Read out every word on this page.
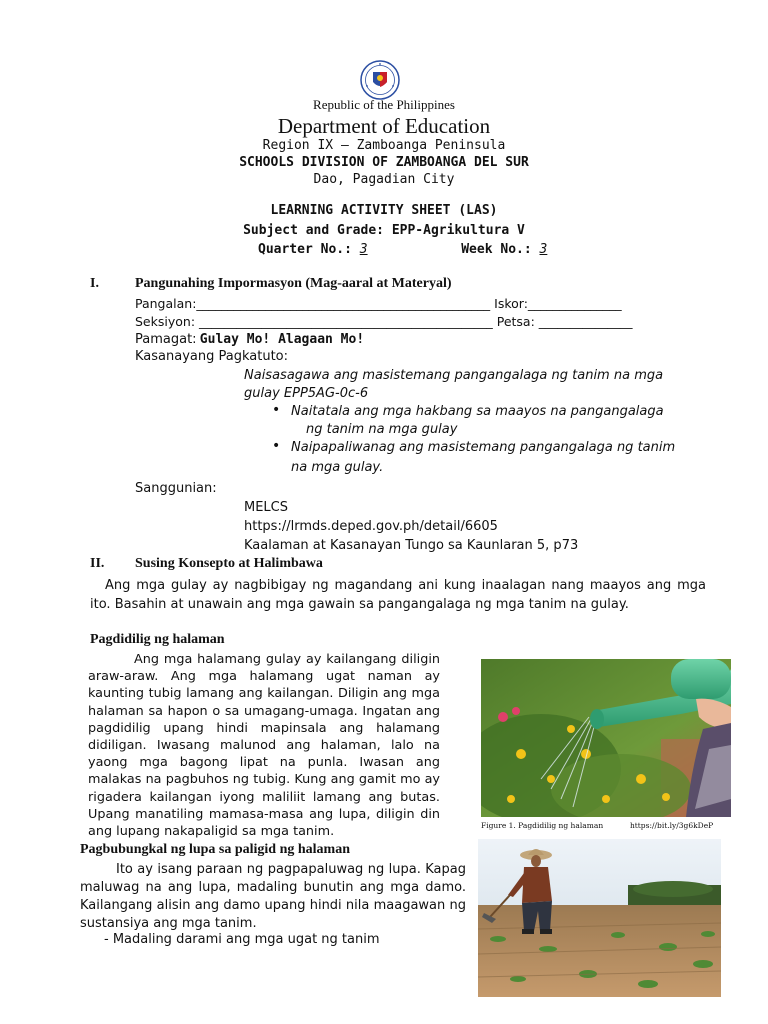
Republic of the Philippines
Department of Education
Region IX – Zamboanga Peninsula
SCHOOLS DIVISION OF ZAMBOANGA DEL SUR
Dao, Pagadian City
LEARNING ACTIVITY SHEET (LAS)
Subject and Grade: EPP-Agrikultura V
Quarter No.: 3	Week No.: 3
I.	Pangunahing Impormasyon (Mag-aaral at Materyal)
Pangalan:_______________________________________________ Iskor:_______________
Seksiyon: _______________________________________________ Petsa: _______________
Pamagat: Gulay Mo! Alagaan Mo!
Kasanayang Pagkatuto:
Naisasagawa ang masistemang pangangalaga ng tanim na mga
gulay EPP5AG-0c-6
• Naitatala ang mga hakbang sa maayos na pangangalaga
ng tanim na mga gulay
• Naipapaliwanag ang masistemang pangangalaga ng tanim
na mga gulay.
Sanggunian:
MELCS
https://lrmds.deped.gov.ph/detail/6605
Kaalaman at Kasanayan Tungo sa Kaunlaran 5, p73
II. Susing Konsepto at Halimbawa
Ang mga gulay ay nagbibigay ng magandang ani kung inaalagan nang maayos ang mga ito. Basahin at unawain ang mga gawain sa pangangalaga ng mga tanim na gulay.
Pagdidilig ng halaman
Ang mga halamang gulay ay kailangang diligin araw-araw. Ang mga halamang ugat naman ay kaunting tubig lamang ang kailangan. Diligin ang mga halaman sa hapon o sa umagang-umaga. Ingatan ang pagdidilig upang hindi mapinsala ang halamang didiligan. Iwasang malunod ang halaman, lalo na yaong mga bagong lipat na punla. Iwasan ang malakas na pagbuhos ng tubig. Kung ang gamit mo ay rigadera kailangan iyong maliliit lamang ang butas. Upang manatiling mamasa-masa ang lupa, diligin din ang lupang nakapaligid sa mga tanim.	Figure 1. Pagdidilig ng halaman	https://bit.ly/3g6kDeP
Pagbubungkal ng lupa sa paligid ng halaman
Ito ay isang paraan ng pagpapaluwag ng lupa. Kapag maluwag na ang lupa, madaling bunutin ang mga damo. Kailangang alisin ang damo upang hindi nila maagawan ng sustansiya ang mga tanim.
- Madaling darami ang mga ugat ng tanim
